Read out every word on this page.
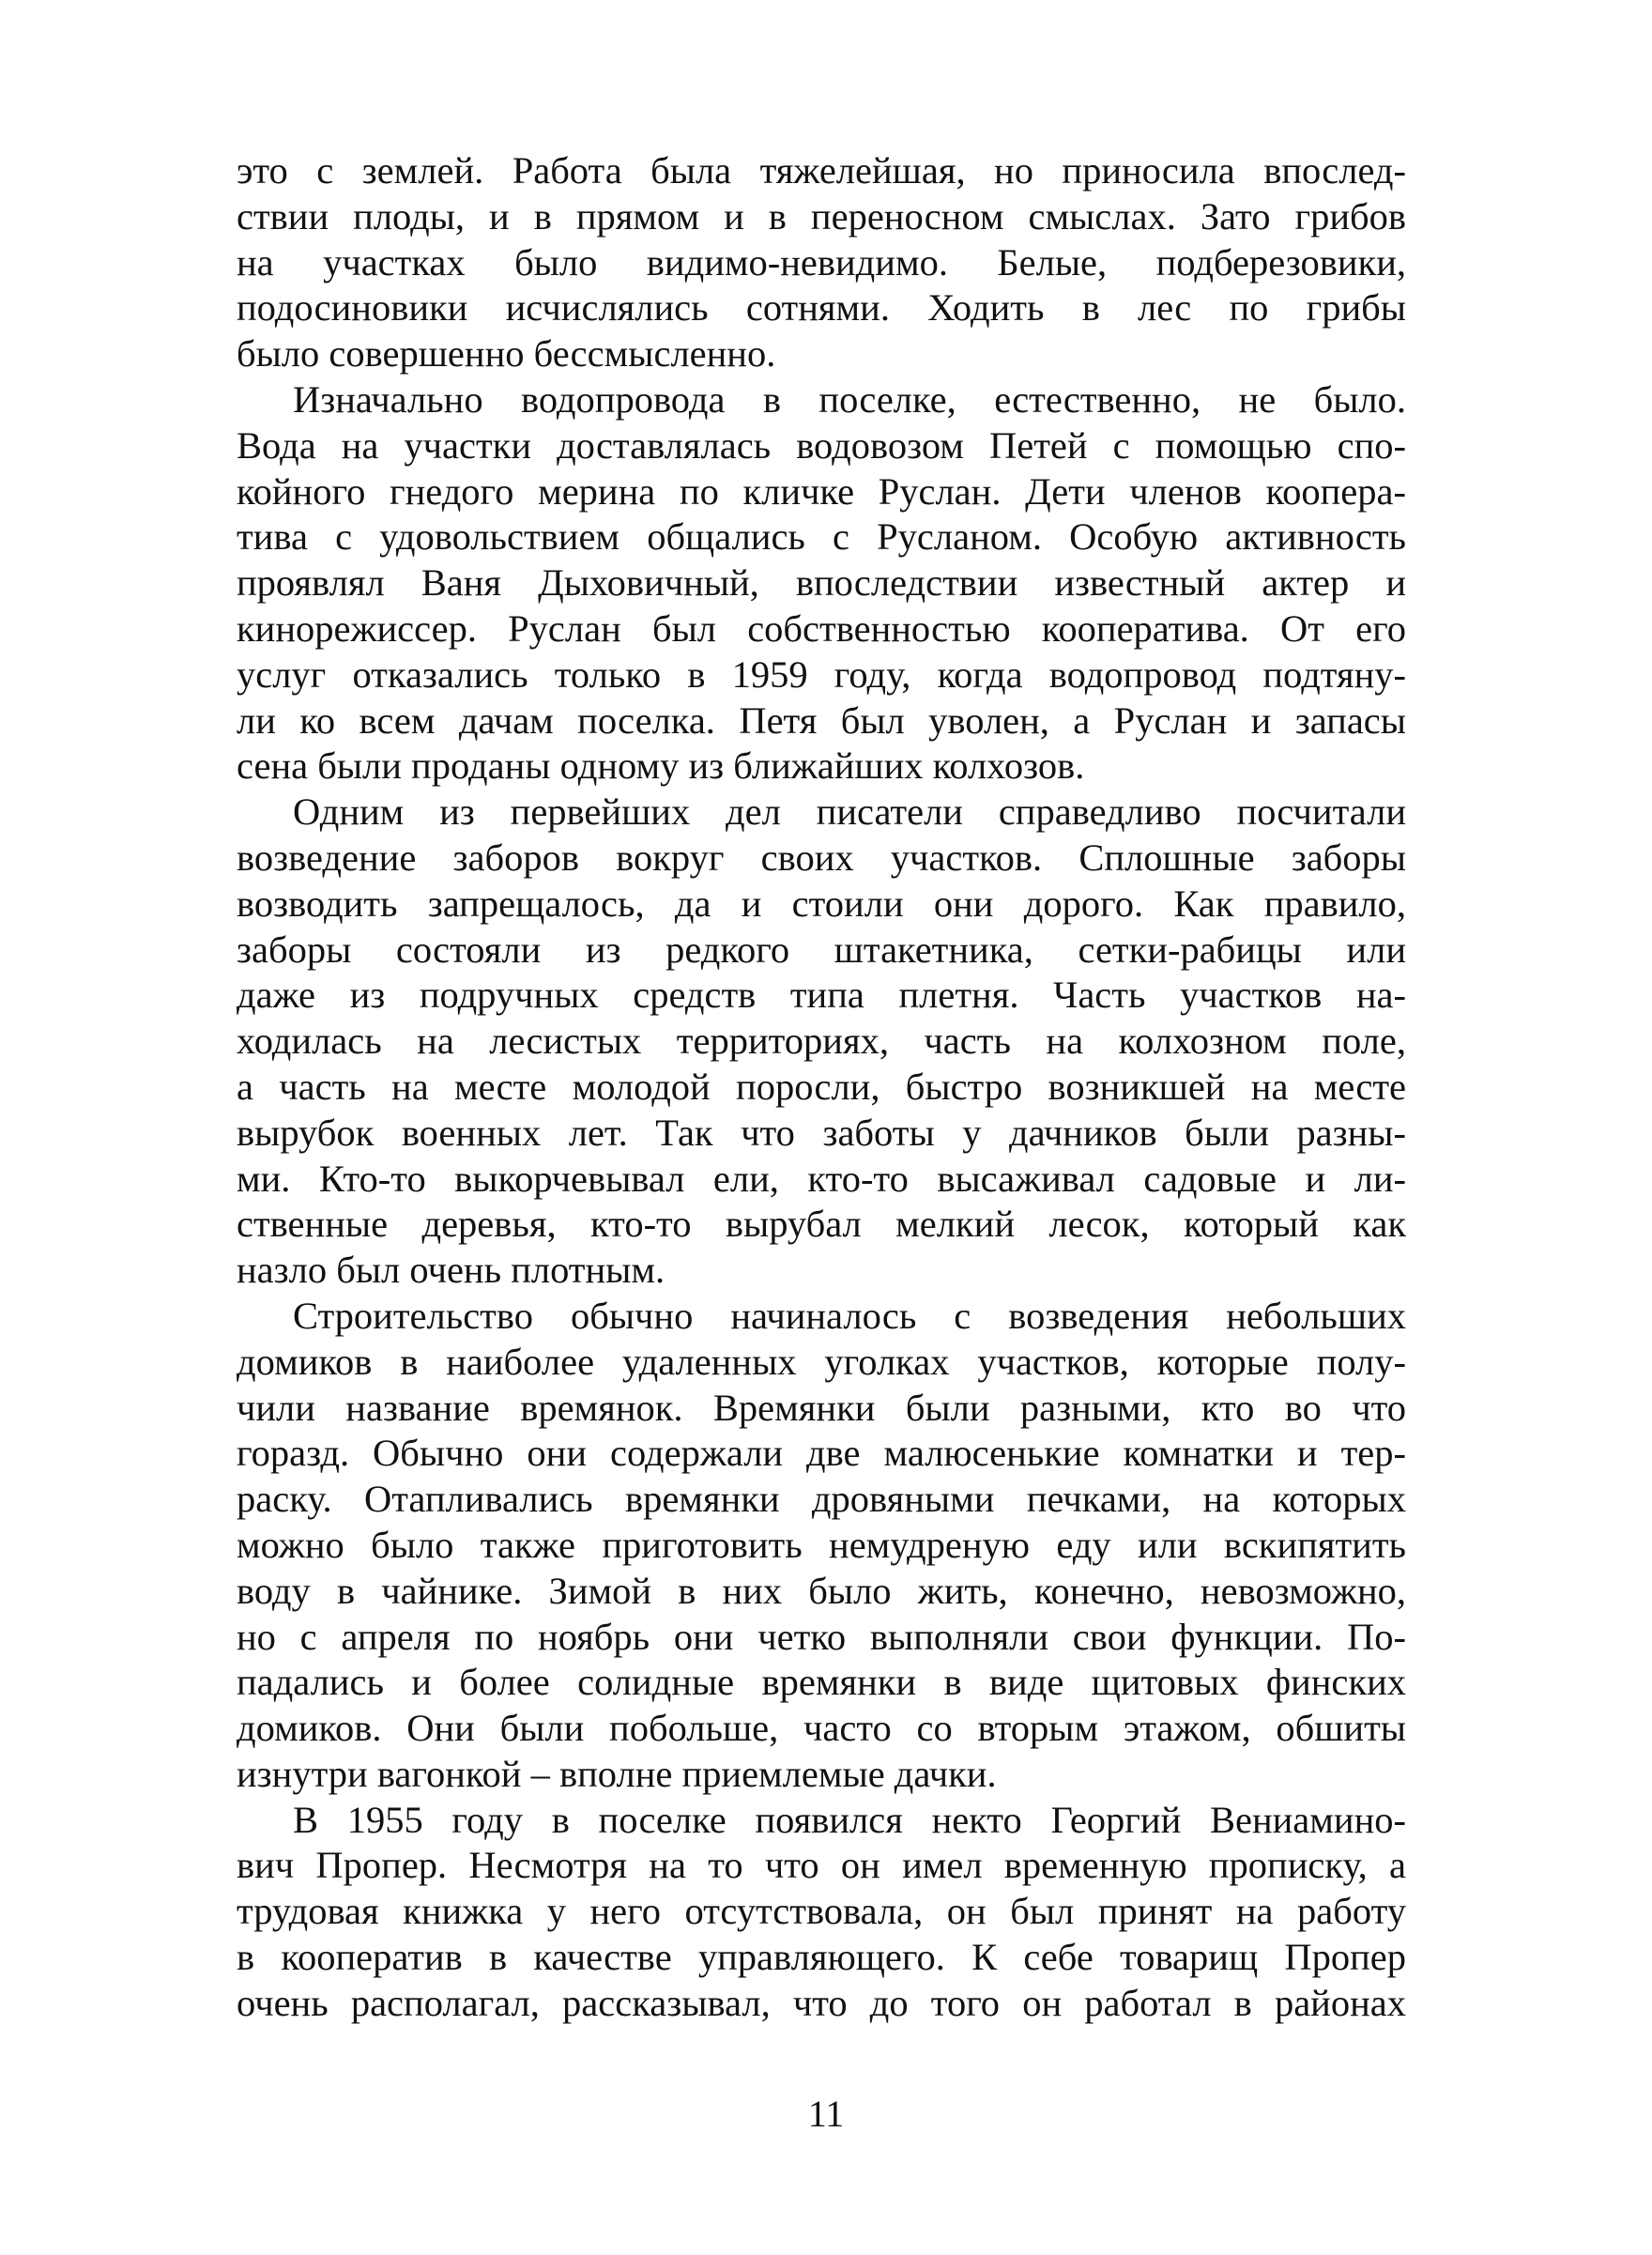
это с землей. Работа была тяжелейшая, но приносила впослед-
ствии плоды, и в прямом и в переносном смыслах. Зато грибов
на участках было видимо-невидимо. Белые, подберезовики,
подосиновики исчислялись сотнями. Ходить в лес по грибы
было совершенно бессмысленно.
Изначально водопровода в поселке, естественно, не было.
Вода на участки доставлялась водовозом Петей с помощью спо-
койного гнедого мерина по кличке Руслан. Дети членов коопера-
тива с удовольствием общались с Русланом. Особую активность
проявлял Ваня Дыховичный, впоследствии известный актер и
кинорежиссер. Руслан был собственностью кооператива. От его
услуг отказались только в 1959 году, когда водопровод подтяну-
ли ко всем дачам поселка. Петя был уволен, а Руслан и запасы
сена были проданы одному из ближайших колхозов.
Одним из первейших дел писатели справедливо посчитали
возведение заборов вокруг своих участков. Сплошные заборы
возводить запрещалось, да и стоили они дорого. Как правило,
заборы состояли из редкого штакетника, сетки-рабицы или
даже из подручных средств типа плетня. Часть участков на-
ходилась на лесистых территориях, часть на колхозном поле,
а часть на месте молодой поросли, быстро возникшей на месте
вырубок военных лет. Так что заботы у дачников были разны-
ми. Кто-то выкорчевывал ели, кто-то высаживал садовые и ли-
ственные деревья, кто-то вырубал мелкий лесок, который как
назло был очень плотным.
Строительство обычно начиналось с возведения небольших
домиков в наиболее удаленных уголках участков, которые полу-
чили название времянок. Времянки были разными, кто во что
горазд. Обычно они содержали две малюсенькие комнатки и тер-
раску. Отапливались времянки дровяными печками, на которых
можно было также приготовить немудреную еду или вскипятить
воду в чайнике. Зимой в них было жить, конечно, невозможно,
но с апреля по ноябрь они четко выполняли свои функции. По-
падались и более солидные времянки в виде щитовых финских
домиков. Они были побольше, часто со вторым этажом, обшиты
изнутри вагонкой – вполне приемлемые дачки.
В 1955 году в поселке появился некто Георгий Вениамино-
вич Пропер. Несмотря на то что он имел временную прописку, а
трудовая книжка у него отсутствовала, он был принят на работу
в кооператив в качестве управляющего. К себе товарищ Пропер
очень располагал, рассказывал, что до того он работал в районах
11
